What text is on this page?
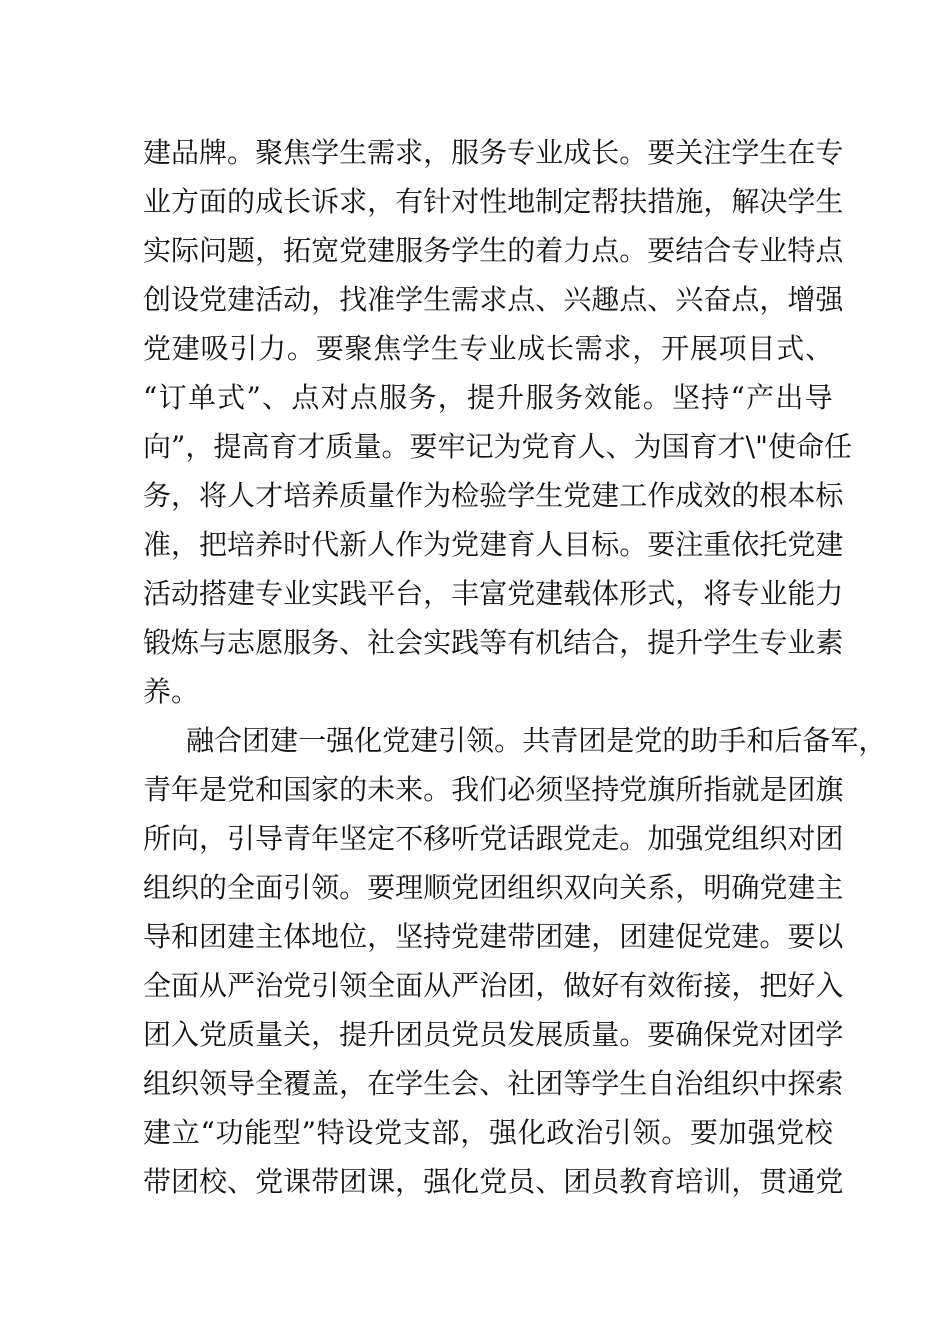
建 品 牌 。 聚 焦 学 生 需 求 ， 服 务 专 业 成 长 。 要 关 注 学 生 在 专
业 方 面 的 成 长 诉 求 ， 有 针 对 性 地 制 定 帮 扶 措 施 ， 解 决 学 生
实 际 问 题 ， 拓 宽 党 建 服 务 学 生 的 着 力 点 。 要 结 合 专 业 特 点
创 设 党 建 活 动 ， 找 准 学 生 需 求 点 、 兴 趣 点 、 兴 奋 点 ， 增 强
党 建 吸 引 力 。 要 聚 焦 学 生 专 业 成 长 需 求 ， 开 展 项 目 式 、
“ 订 单 式 ” 、 点 对 点 服 务 ， 提 升 服 务 效 能 。 坚 持 “ 产 出 导
向 ” ， 提 高 育 才 质 量 。 要 牢 记 为 党 育 人 、 为 国 育 才 \ " 使 命 任
务 ， 将 人 才 培 养 质 量 作 为 检 验 学 生 党 建 工 作 成 效 的 根 本 标
准 ， 把 培 养 时 代 新 人 作 为 党 建 育 人 目 标 。 要 注 重 依 托 党 建
活 动 搭 建 专 业 实 践 平 台 ， 丰 富 党 建 载 体 形 式 ， 将 专 业 能 力
锻 炼 与 志 愿 服 务 、 社 会 实 践 等 有 机 结 合 ， 提 升 学 生 专 业 素
养。
融 合 团 建 一 强 化 党 建 引 领 。 共 青 团 是 党 的 助 手 和 后 备 军 ，
青 年 是 党 和 国 家 的 未 来 。 我 们 必 须 坚 持 党 旗 所 指 就 是 团 旗
所 向 ， 引 导 青 年 坚 定 不 移 听 党 话 跟 党 走 。 加 强 党 组 织 对 团
组 织 的 全 面 引 领 。 要 理 顺 党 团 组 织 双 向 关 系 ， 明 确 党 建 主
导 和 团 建 主 体 地 位 ， 坚 持 党 建 带 团 建 ， 团 建 促 党 建 。 要 以
全 面 从 严 治 党 引 领 全 面 从 严 治 团 ， 做 好 有 效 衔 接 ， 把 好 入
团 入 党 质 量 关 ， 提 升 团 员 党 员 发 展 质 量 。 要 确 保 党 对 团 学
组 织 领 导 全 覆 盖 ， 在 学 生 会 、 社 团 等 学 生 自 治 组 织 中 探 索
建 立 “ 功 能 型 ” 特 设 党 支 部 ， 强 化 政 治 引 领 。 要 加 强 党 校
带 团 校 、 党 课 带 团 课 ， 强 化 党 员 、 团 员 教 育 培 训 ， 贯 通 党
